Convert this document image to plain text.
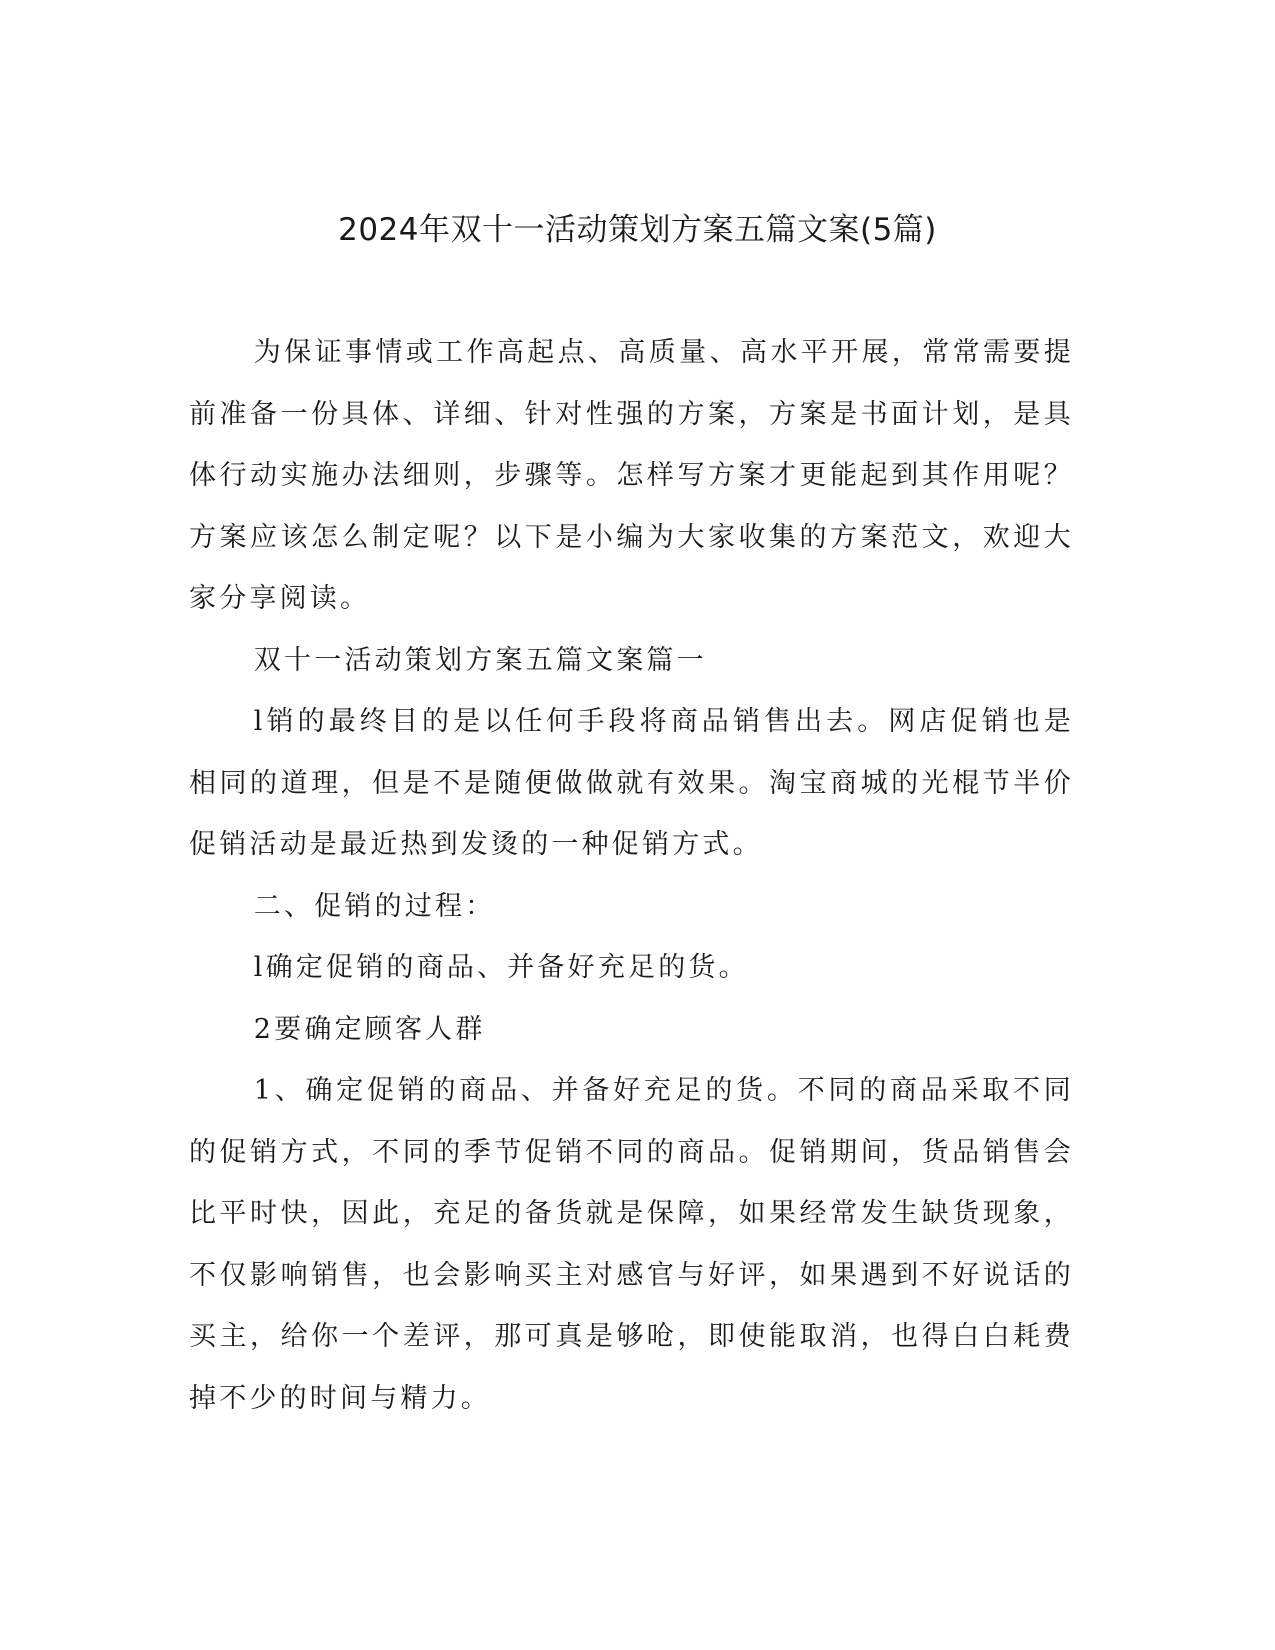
2024年双十一活动策划方案五篇文案(5篇)

为保证事情或工作高起点、高质量、高水平开展，常常需要提前准备一份具体、详细、针对性强的方案，方案是书面计划，是具体行动实施办法细则，步骤等。怎样写方案才更能起到其作用呢？方案应该怎么制定呢？以下是小编为大家收集的方案范文，欢迎大家分享阅读。

双十一活动策划方案五篇文案篇一

l销的最终目的是以任何手段将商品销售出去。网店促销也是相同的道理，但是不是随便做做就有效果。淘宝商城的光棍节半价促销活动是最近热到发烫的一种促销方式。

二、促销的过程：

l确定促销的商品、并备好充足的货。

2要确定顾客人群

1、确定促销的商品、并备好充足的货。不同的商品采取不同的促销方式，不同的季节促销不同的商品。促销期间，货品销售会比平时快，因此，充足的备货就是保障，如果经常发生缺货现象，不仅影响销售，也会影响买主对感官与好评，如果遇到不好说话的买主，给你一个差评，那可真是够呛，即使能取消，也得白白耗费掉不少的时间与精力。
